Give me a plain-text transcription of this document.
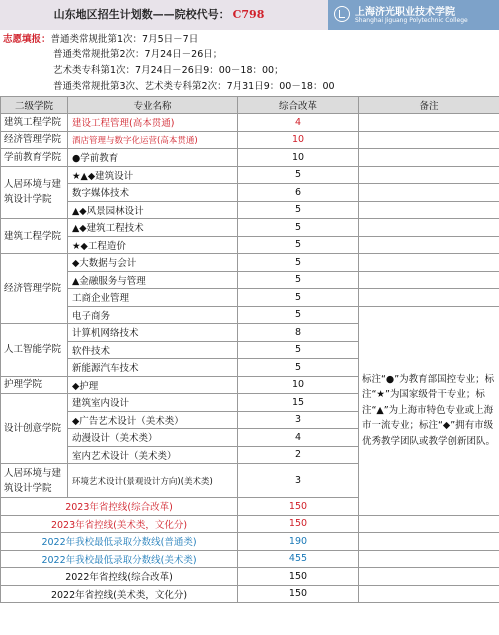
山东地区招生计划数——院校代号： C798	上海济光职业技术学院
Shanghai Jiguang Polytechnic College
志愿填报：普通类常规批第1次：7月5日－7日
普通类常规批第2次：7月24日－26日；
艺术类专科第1次：7月24日－26日9：00－18：00；
普通类常规批第3次、艺术类专科第2次：7月31日9：00－18：00
二级学院	专业名称	综合改革	备注	
建筑工程学院	建设工程管理(高本贯通)	4		
经济管理学院	酒店管理与数字化运营(高本贯通)	10		
学前教育学院	●学前教育	10		
人居环境与建筑设计学院	★▲◆建筑设计	5		
	数字媒体技术	6		
	▲◆风景园林设计	5		
建筑工程学院	▲◆建筑工程技术	5		
	★◆工程造价	5		
经济管理学院	◆大数据与会计	5		
	▲金融服务与管理	5		
	工商企业管理	5		
	电子商务	5	标注“●”为教育部国控专业；标注“★”为国家级骨干专业；标注“▲”为上海市特色专业或上海市一流专业；标注“◆”拥有市级优秀教学团队或教学创新团队。	
人工智能学院	计算机网络技术	8		
	软件技术	5		
	新能源汽车技术	5		
护理学院	◆护理	10		
设计创意学院	建筑室内设计	15		
	◆广告艺术设计（美术类）	3		
	动漫设计（美术类）	4		
	室内艺术设计（美术类）	2		
人居环境与建筑设计学院	环境艺术设计(景观设计方向)(美术类)	3		
2023年省控线(综合改革)		150		
2023年省控线(美术类，文化分)		150		
2022年我校最低录取分数线(普通类)		190		
2022年我校最低录取分数线(美术类)		455		
2022年省控线(综合改革)		150		
2022年省控线(美术类，文化分)		150		
